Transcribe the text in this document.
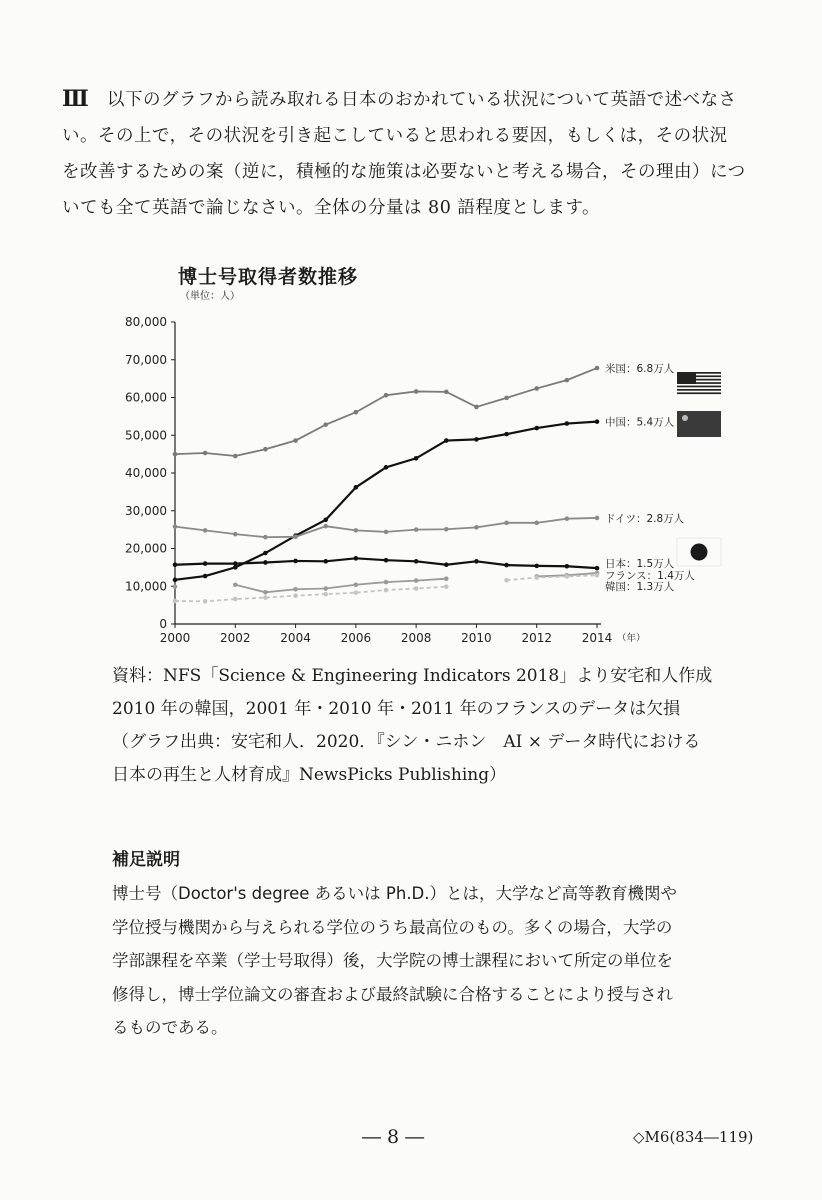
Ⅲ 以下のグラフから読み取れる日本のおかれている状況について英語で述べなさ

い。その上で，その状況を引き起こしていると思われる要因，もしくは，その状況

を改善するための案（逆に，積極的な施策は必要ないと考える場合，その理由）につ

いても全て英語で論じなさい。全体の分量は 80 語程度とします。

博士号取得者数推移
（単位：人）
0
10,000
20,000
30,000
40,000
50,000
60,000
70,000
80,000
2000 2002 2004 2006 2008 2010 2012 2014 （年）
米国：6.8万人
中国：5.4万人
ドイツ：2.8万人
日本：1.5万人
フランス：1.4万人
韓国：1.3万人

資料：NFS「Science & Engineering Indicators 2018」より安宅和人作成

2010 年の韓国，2001 年・2010 年・2011 年のフランスのデータは欠損

（グラフ出典：安宅和人．2020．『シン・ニホン　AI × データ時代における

日本の再生と人材育成』NewsPicks Publishing）

補足説明

博士号（Doctor's degree あるいは Ph.D.）とは，大学など高等教育機関や

学位授与機関から与えられる学位のうち最高位のもの。多くの場合，大学の

学部課程を卒業（学士号取得）後，大学院の博士課程において所定の単位を

修得し，博士学位論文の審査および最終試験に合格することにより授与され

るものである。

― 8 ―	◇M6(834―119)
